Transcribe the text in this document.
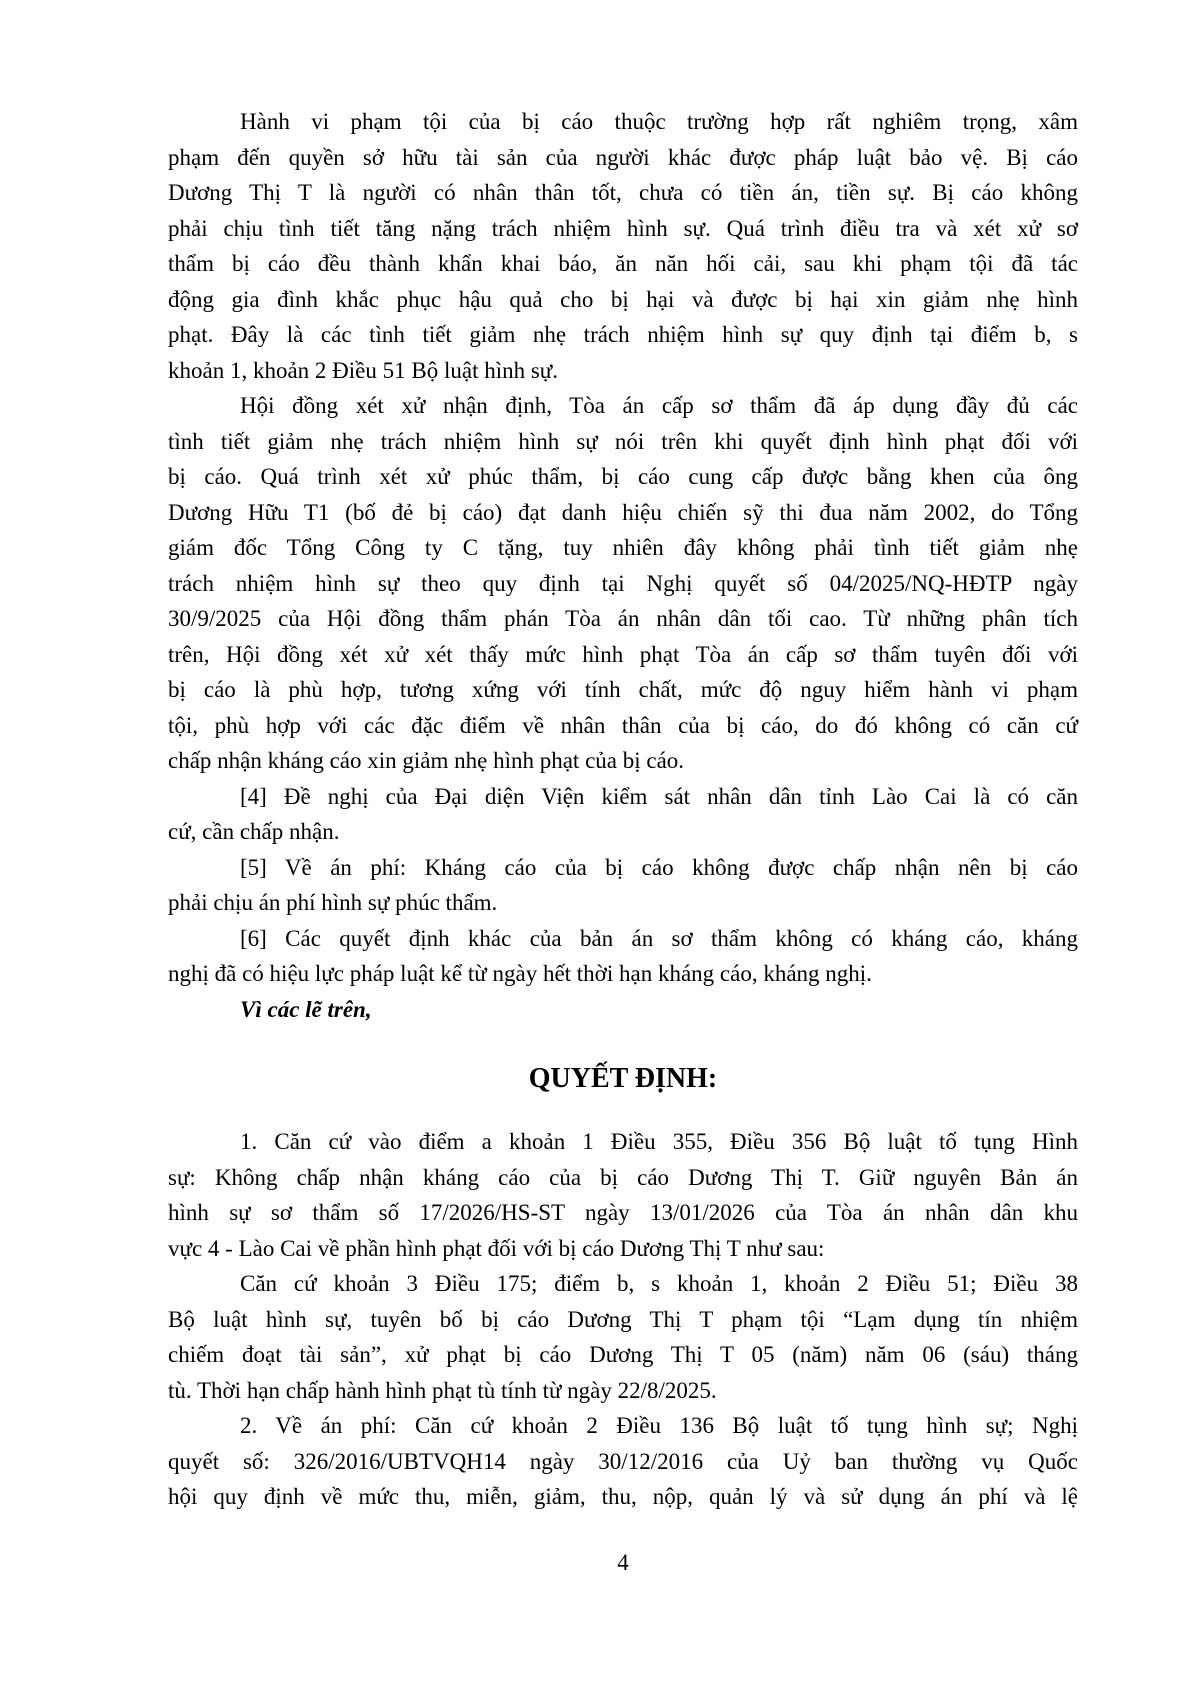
Hành vi phạm tội của bị cáo thuộc trường hợp rất nghiêm trọng, xâm
phạm đến quyền sở hữu tài sản của người khác được pháp luật bảo vệ. Bị cáo
Dương Thị T là người có nhân thân tốt, chưa có tiền án, tiền sự. Bị cáo không
phải chịu tình tiết tăng nặng trách nhiệm hình sự. Quá trình điều tra và xét xử sơ
thẩm bị cáo đều thành khẩn khai báo, ăn năn hối cải, sau khi phạm tội đã tác
động gia đình khắc phục hậu quả cho bị hại và được bị hại xin giảm nhẹ hình
phạt. Đây là các tình tiết giảm nhẹ trách nhiệm hình sự quy định tại điểm b, s
khoản 1, khoản 2 Điều 51 Bộ luật hình sự.

Hội đồng xét xử nhận định, Tòa án cấp sơ thẩm đã áp dụng đầy đủ các
tình tiết giảm nhẹ trách nhiệm hình sự nói trên khi quyết định hình phạt đối với
bị cáo. Quá trình xét xử phúc thẩm, bị cáo cung cấp được bằng khen của ông
Dương Hữu T1 (bố đẻ bị cáo) đạt danh hiệu chiến sỹ thi đua năm 2002, do Tổng
giám đốc Tổng Công ty C tặng, tuy nhiên đây không phải tình tiết giảm nhẹ
trách nhiệm hình sự theo quy định tại Nghị quyết số 04/2025/NQ-HĐTP ngày
30/9/2025 của Hội đồng thẩm phán Tòa án nhân dân tối cao. Từ những phân tích
trên, Hội đồng xét xử xét thấy mức hình phạt Tòa án cấp sơ thẩm tuyên đối với
bị cáo là phù hợp, tương xứng với tính chất, mức độ nguy hiểm hành vi phạm
tội, phù hợp với các đặc điểm về nhân thân của bị cáo, do đó không có căn cứ
chấp nhận kháng cáo xin giảm nhẹ hình phạt của bị cáo.

[4] Đề nghị của Đại diện Viện kiểm sát nhân dân tỉnh Lào Cai là có căn
cứ, cần chấp nhận.

[5] Về án phí: Kháng cáo của bị cáo không được chấp nhận nên bị cáo
phải chịu án phí hình sự phúc thẩm.

[6] Các quyết định khác của bản án sơ thẩm không có kháng cáo, kháng
nghị đã có hiệu lực pháp luật kể từ ngày hết thời hạn kháng cáo, kháng nghị.

Vì các lẽ trên,

QUYẾT ĐỊNH:

1. Căn cứ vào điểm a khoản 1 Điều 355, Điều 356 Bộ luật tố tụng Hình
sự: Không chấp nhận kháng cáo của bị cáo Dương Thị T. Giữ nguyên Bản án
hình sự sơ thẩm số 17/2026/HS-ST ngày 13/01/2026 của Tòa án nhân dân khu
vực 4 - Lào Cai về phần hình phạt đối với bị cáo Dương Thị T như sau:

Căn cứ khoản 3 Điều 175; điểm b, s khoản 1, khoản 2 Điều 51; Điều 38
Bộ luật hình sự, tuyên bố bị cáo Dương Thị T phạm tội “Lạm dụng tín nhiệm
chiếm đoạt tài sản”, xử phạt bị cáo Dương Thị T 05 (năm) năm 06 (sáu) tháng
tù. Thời hạn chấp hành hình phạt tù tính từ ngày 22/8/2025.

2. Về án phí: Căn cứ khoản 2 Điều 136 Bộ luật tố tụng hình sự; Nghị
quyết số: 326/2016/UBTVQH14 ngày 30/12/2016 của Uỷ ban thường vụ Quốc
hội quy định về mức thu, miễn, giảm, thu, nộp, quản lý và sử dụng án phí và lệ

4
